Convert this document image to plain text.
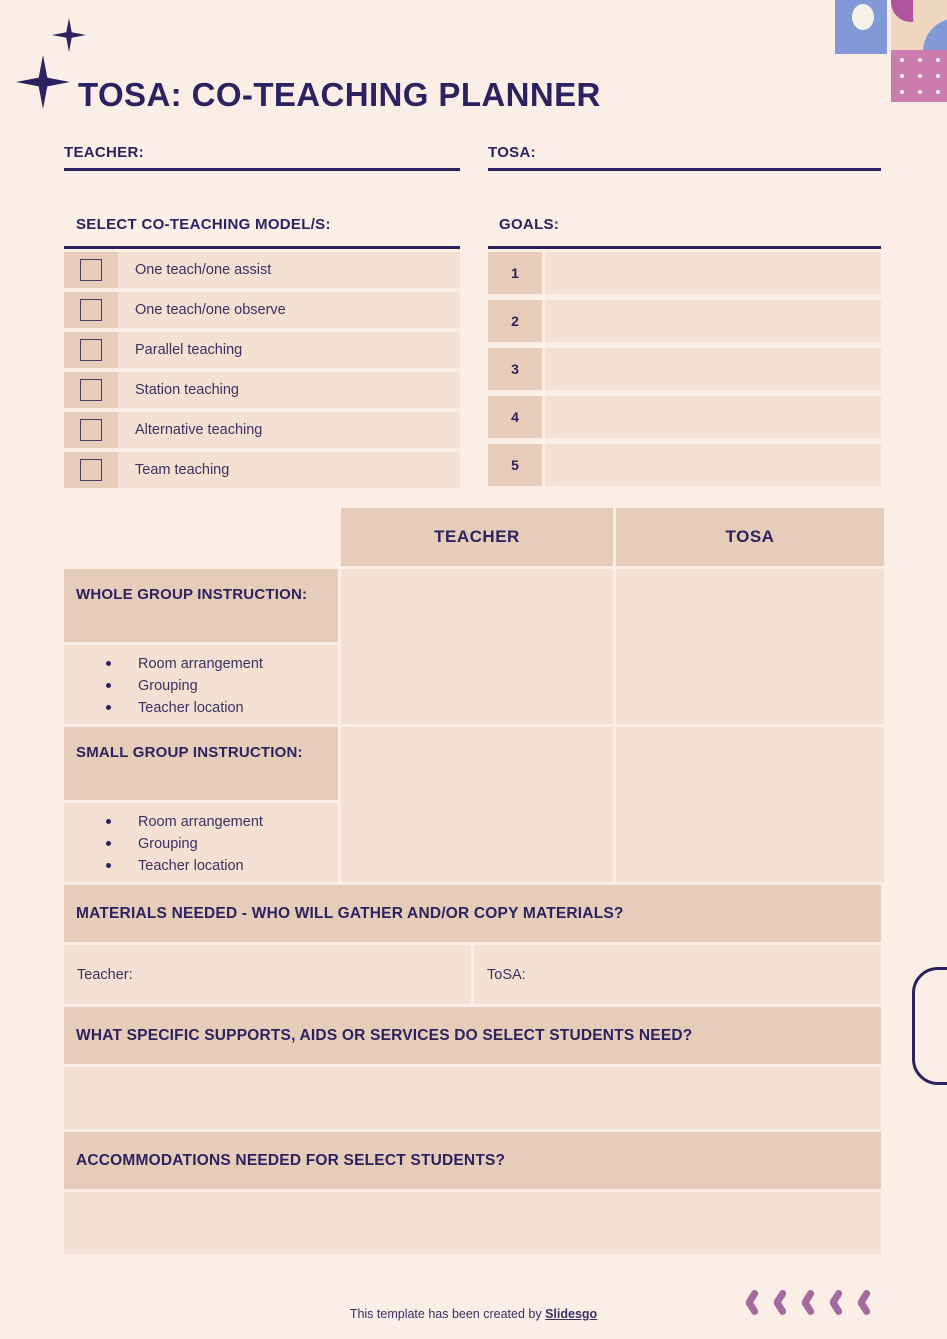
TOSA: CO-TEACHING PLANNER
TEACHER:	TOSA:
SELECT CO-TEACHING MODEL/S:	GOALS:
One teach/one assist
One teach/one observe
Parallel teaching
Station teaching
Alternative teaching
Team teaching
1
2
3
4
5
TEACHER	TOSA
WHOLE GROUP INSTRUCTION:
Room arrangement
Grouping
Teacher location
SMALL GROUP INSTRUCTION:
Room arrangement
Grouping
Teacher location
MATERIALS NEEDED - WHO WILL GATHER AND/OR COPY MATERIALS?
Teacher:	ToSA:
WHAT SPECIFIC SUPPORTS, AIDS OR SERVICES DO SELECT STUDENTS NEED?
ACCOMMODATIONS NEEDED FOR SELECT STUDENTS?
This template has been created by Slidesgo
